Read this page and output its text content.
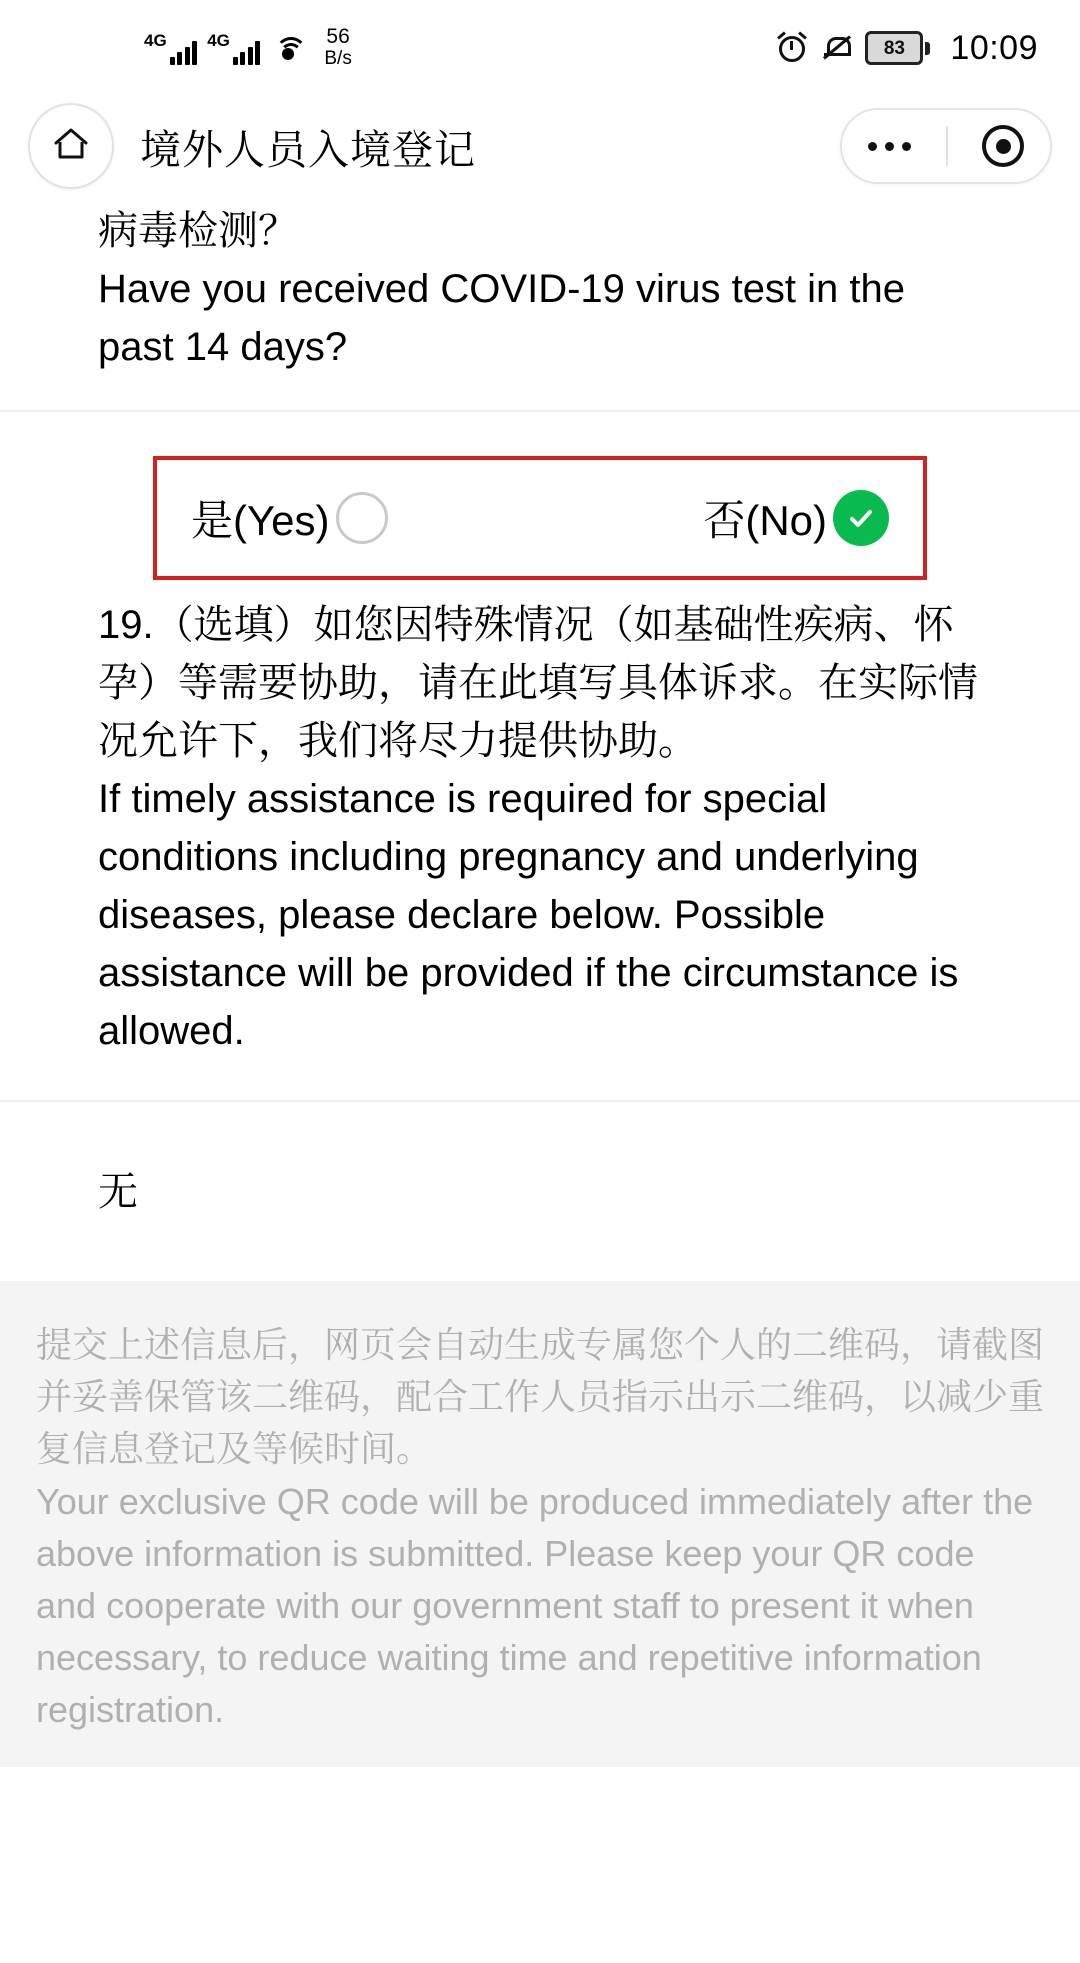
4G 4G	56
B/s
83 10:09
境外人员入境登记
病毒检测？
Have you received COVID-19 virus test in the past 14 days?
是(Yes)	否(No)

19.（选填）如您因特殊情况（如基础性疾病、怀孕）等需要协助，请在此填写具体诉求。在实际情况允许下，我们将尽力提供协助。

If timely assistance is required for special conditions including pregnancy and underlying diseases, please declare below. Possible assistance will be provided if the circumstance is allowed.

无

提交上述信息后，网页会自动生成专属您个人的二维码，请截图并妥善保管该二维码，配合工作人员指示出示二维码，以减少重复信息登记及等候时间。

Your exclusive QR code will be produced immediately after the above information is submitted. Please keep your QR code and cooperate with our government staff to present it when necessary, to reduce waiting time and repetitive information registration.
